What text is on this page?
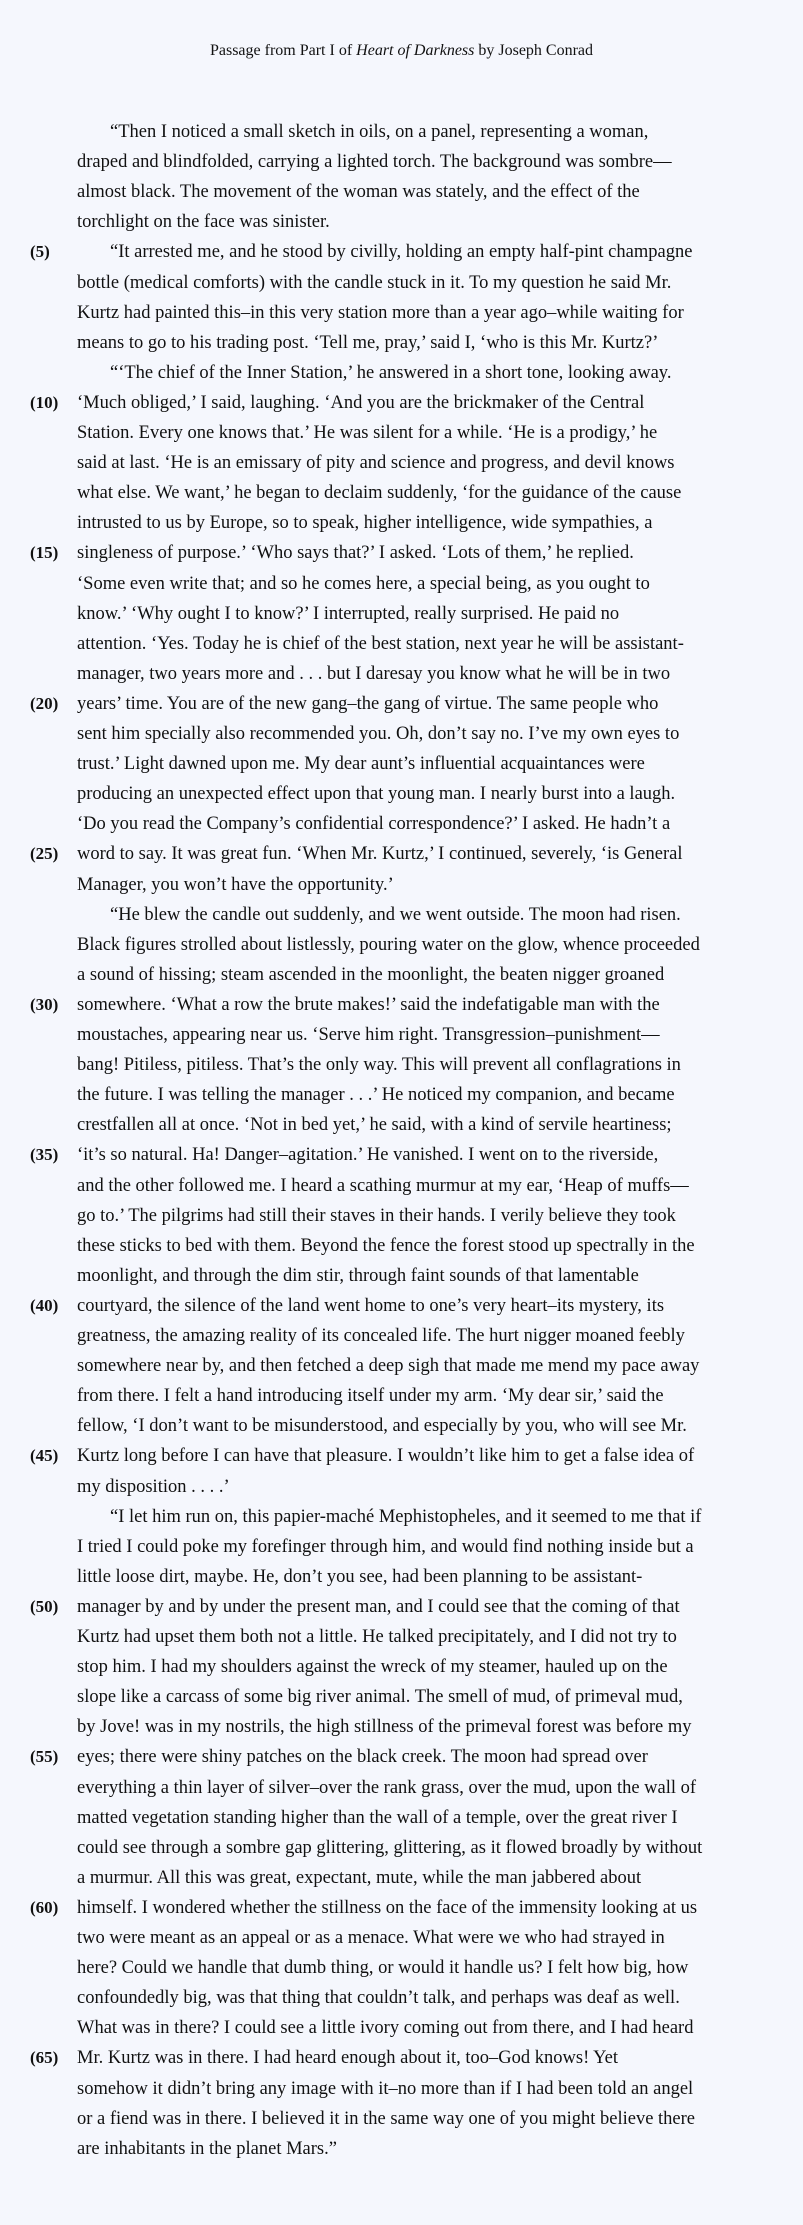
Passage from Part I of Heart of Darkness by Joseph Conrad
“Then I noticed a small sketch in oils, on a panel, representing a woman,
draped and blindfolded, carrying a lighted torch. The background was sombre—
almost black. The movement of the woman was stately, and the effect of the
torchlight on the face was sinister.
“It arrested me, and he stood by civilly, holding an empty half-pint champagne
(5)
bottle (medical comforts) with the candle stuck in it. To my question he said Mr.
Kurtz had painted this–in this very station more than a year ago–while waiting for
means to go to his trading post. ‘Tell me, pray,’ said I, ‘who is this Mr. Kurtz?’
“‘The chief of the Inner Station,’ he answered in a short tone, looking away.
‘Much obliged,’ I said, laughing. ‘And you are the brickmaker of the Central
(10)
Station. Every one knows that.’ He was silent for a while. ‘He is a prodigy,’ he
said at last. ‘He is an emissary of pity and science and progress, and devil knows
what else. We want,’ he began to declaim suddenly, ‘for the guidance of the cause
intrusted to us by Europe, so to speak, higher intelligence, wide sympathies, a
singleness of purpose.’ ‘Who says that?’ I asked. ‘Lots of them,’ he replied.
(15)
‘Some even write that; and so he comes here, a special being, as you ought to
know.’ ‘Why ought I to know?’ I interrupted, really surprised. He paid no
attention. ‘Yes. Today he is chief of the best station, next year he will be assistant-
manager, two years more and . . . but I daresay you know what he will be in two
years’ time. You are of the new gang–the gang of virtue. The same people who
(20)
sent him specially also recommended you. Oh, don’t say no. I’ve my own eyes to
trust.’ Light dawned upon me. My dear aunt’s influential acquaintances were
producing an unexpected effect upon that young man. I nearly burst into a laugh.
‘Do you read the Company’s confidential correspondence?’ I asked. He hadn’t a
word to say. It was great fun. ‘When Mr. Kurtz,’ I continued, severely, ‘is General
(25)
Manager, you won’t have the opportunity.’
“He blew the candle out suddenly, and we went outside. The moon had risen.
Black figures strolled about listlessly, pouring water on the glow, whence proceeded
a sound of hissing; steam ascended in the moonlight, the beaten nigger groaned
somewhere. ‘What a row the brute makes!’ said the indefatigable man with the
(30)
moustaches, appearing near us. ‘Serve him right. Transgression–punishment—
bang! Pitiless, pitiless. That’s the only way. This will prevent all conflagrations in
the future. I was telling the manager . . .’ He noticed my companion, and became
crestfallen all at once. ‘Not in bed yet,’ he said, with a kind of servile heartiness;
‘it’s so natural. Ha! Danger–agitation.’ He vanished. I went on to the riverside,
(35)
and the other followed me. I heard a scathing murmur at my ear, ‘Heap of muffs—
go to.’ The pilgrims had still their staves in their hands. I verily believe they took
these sticks to bed with them. Beyond the fence the forest stood up spectrally in the
moonlight, and through the dim stir, through faint sounds of that lamentable
courtyard, the silence of the land went home to one’s very heart–its mystery, its
(40)
greatness, the amazing reality of its concealed life. The hurt nigger moaned feebly
somewhere near by, and then fetched a deep sigh that made me mend my pace away
from there. I felt a hand introducing itself under my arm. ‘My dear sir,’ said the
fellow, ‘I don’t want to be misunderstood, and especially by you, who will see Mr.
Kurtz long before I can have that pleasure. I wouldn’t like him to get a false idea of
(45)
my disposition . . . .’
“I let him run on, this papier-maché Mephistopheles, and it seemed to me that if
I tried I could poke my forefinger through him, and would find nothing inside but a
little loose dirt, maybe. He, don’t you see, had been planning to be assistant-
manager by and by under the present man, and I could see that the coming of that
(50)
Kurtz had upset them both not a little. He talked precipitately, and I did not try to
stop him. I had my shoulders against the wreck of my steamer, hauled up on the
slope like a carcass of some big river animal. The smell of mud, of primeval mud,
by Jove! was in my nostrils, the high stillness of the primeval forest was before my
eyes; there were shiny patches on the black creek. The moon had spread over
(55)
everything a thin layer of silver–over the rank grass, over the mud, upon the wall of
matted vegetation standing higher than the wall of a temple, over the great river I
could see through a sombre gap glittering, glittering, as it flowed broadly by without
a murmur. All this was great, expectant, mute, while the man jabbered about
himself. I wondered whether the stillness on the face of the immensity looking at us
(60)
two were meant as an appeal or as a menace. What were we who had strayed in
here? Could we handle that dumb thing, or would it handle us? I felt how big, how
confoundedly big, was that thing that couldn’t talk, and perhaps was deaf as well.
What was in there? I could see a little ivory coming out from there, and I had heard
Mr. Kurtz was in there. I had heard enough about it, too–God knows! Yet
(65)
somehow it didn’t bring any image with it–no more than if I had been told an angel
or a fiend was in there. I believed it in the same way one of you might believe there
are inhabitants in the planet Mars.”
